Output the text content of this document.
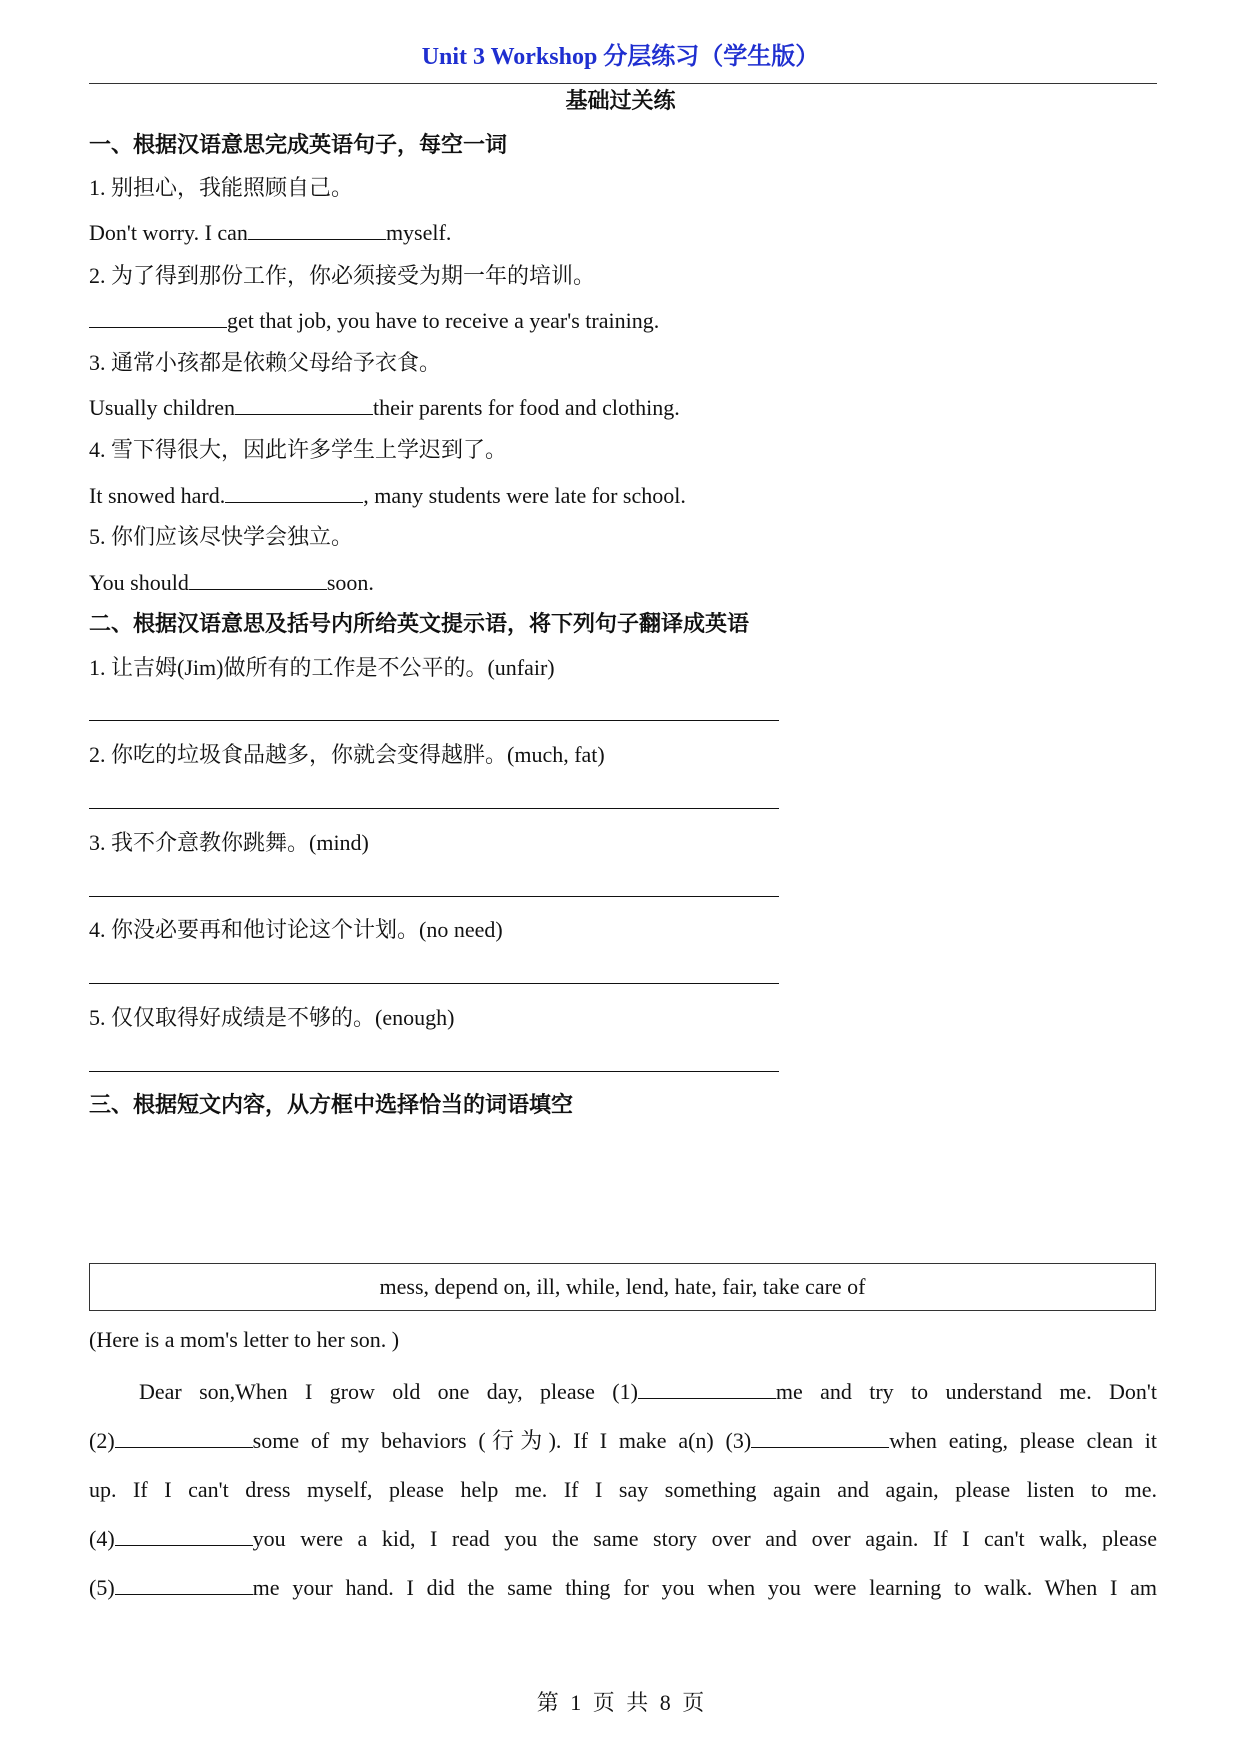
Unit 3 Workshop 分层练习（学生版）
基础过关练
一、根据汉语意思完成英语句子，每空一词
1. 别担心，我能照顾自己。
Don't worry. I can	myself.
2. 为了得到那份工作，你必须接受为期一年的培训。
get that job, you have to receive a year's training.
3. 通常小孩都是依赖父母给予衣食。
Usually children	their parents for food and clothing.
4. 雪下得很大，因此许多学生上学迟到了。
It snowed hard.	, many students were late for school.
5. 你们应该尽快学会独立。
You should	soon.
二、根据汉语意思及括号内所给英文提示语，将下列句子翻译成英语
1. 让吉姆(Jim)做所有的工作是不公平的。(unfair)
2. 你吃的垃圾食品越多，你就会变得越胖。(much, fat)
3. 我不介意教你跳舞。(mind)
4. 你没必要再和他讨论这个计划。(no need)
5. 仅仅取得好成绩是不够的。(enough)
三、根据短文内容，从方框中选择恰当的词语填空
mess, depend on, ill, while, lend, hate, fair, take care of
(Here is a mom's letter to her son. )
Dear son,When I grow old one day, please (1)	me and try to understand me. Don't
(2)	some of my behaviors (行为). If I make a(n) (3)	when eating, please clean it
up. If I can't dress myself, please help me. If I say something again and again, please listen to me.
(4)	you were a kid, I read you the same story over and over again. If I can't walk, please
(5)	me your hand. I did the same thing for you when you were learning to walk. When I am
第 1 页 共 8 页
